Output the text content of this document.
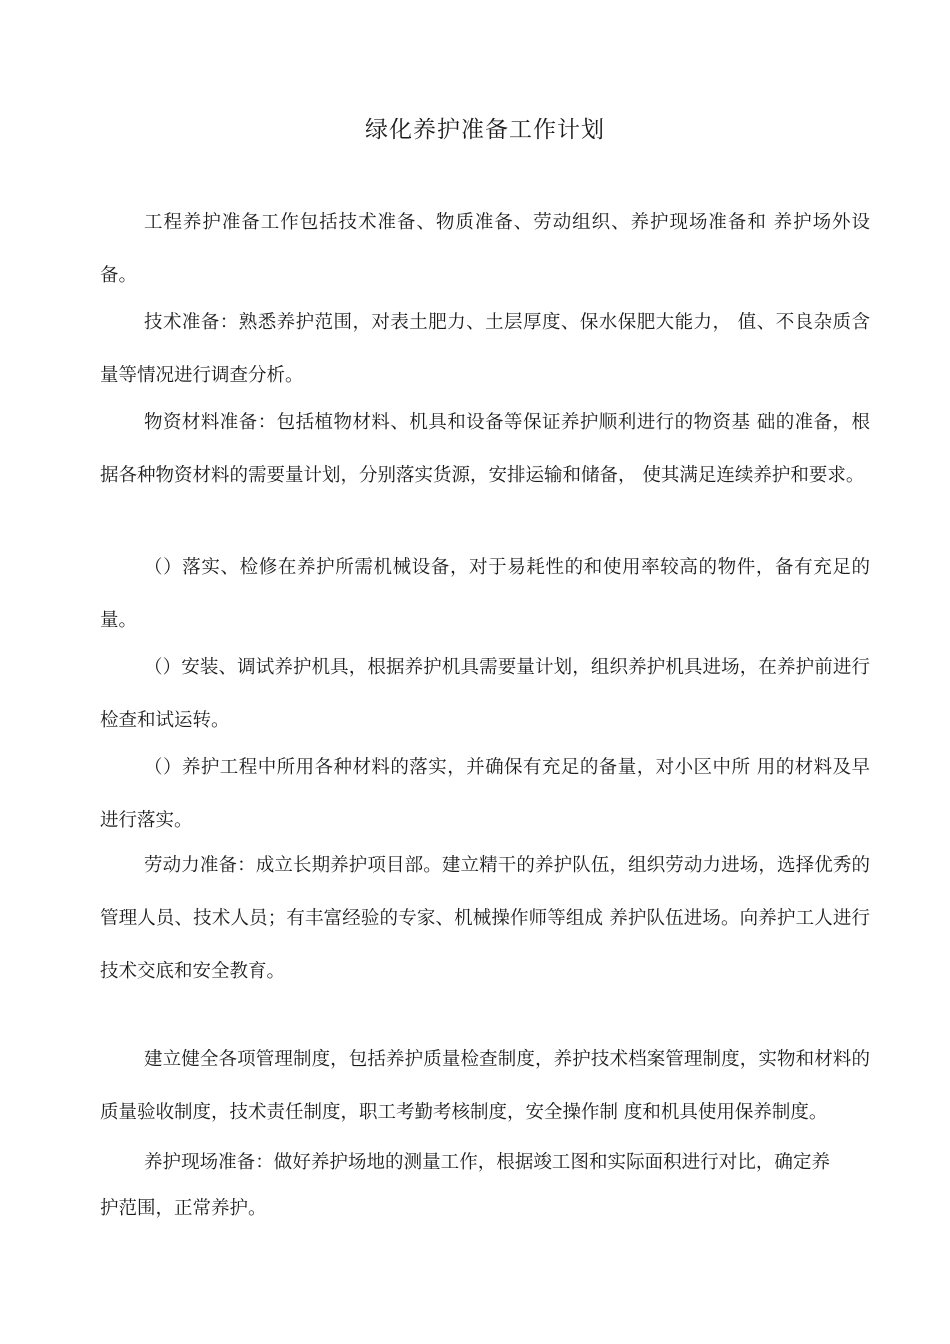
绿化养护准备工作计划

工程养护准备工作包括技术准备、物质准备、劳动组织、养护现场准备和 养护场外设备。

技术准备：熟悉养护范围，对表土肥力、土层厚度、保水保肥大能力， 值、不良杂质含量等情况进行调查分析。

物资材料准备：包括植物材料、机具和设备等保证养护顺利进行的物资基 础的准备，根据各种物资材料的需要量计划，分别落实货源，安排运输和储备， 使其满足连续养护和要求。

（）落实、检修在养护所需机械设备，对于易耗性的和使用率较高的物件，备有充足的量。

（）安装、调试养护机具，根据养护机具需要量计划，组织养护机具进场，在养护前进行检查和试运转。

（）养护工程中所用各种材料的落实，并确保有充足的备量，对小区中所 用的材料及早进行落实。

劳动力准备：成立长期养护项目部。建立精干的养护队伍，组织劳动力进场，选择优秀的管理人员、技术人员；有丰富经验的专家、机械操作师等组成 养护队伍进场。向养护工人进行技术交底和安全教育。

建立健全各项管理制度，包括养护质量检查制度，养护技术档案管理制度，实物和材料的质量验收制度，技术责任制度，职工考勤考核制度，安全操作制 度和机具使用保养制度。

养护现场准备：做好养护场地的测量工作，根据竣工图和实际面积进行对比，确定养护范围，正常养护。
